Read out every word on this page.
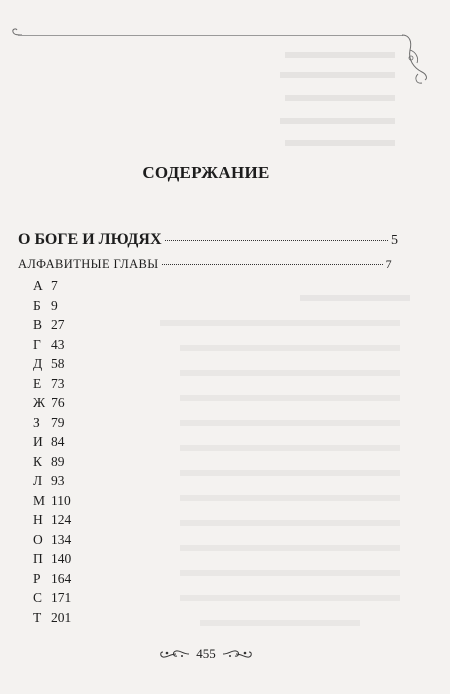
СОДЕРЖАНИЕ
О БОГЕ И ЛЮДЯХ	5
АЛФАВИТНЫЕ ГЛАВЫ	7
А 7
Б 9
В 27
Г 43
Д 58
Е 73
Ж 76
З 79
И 84
К 89
Л 93
М 110
Н 124
О 134
П 140
Р 164
С 171
Т 201
455
